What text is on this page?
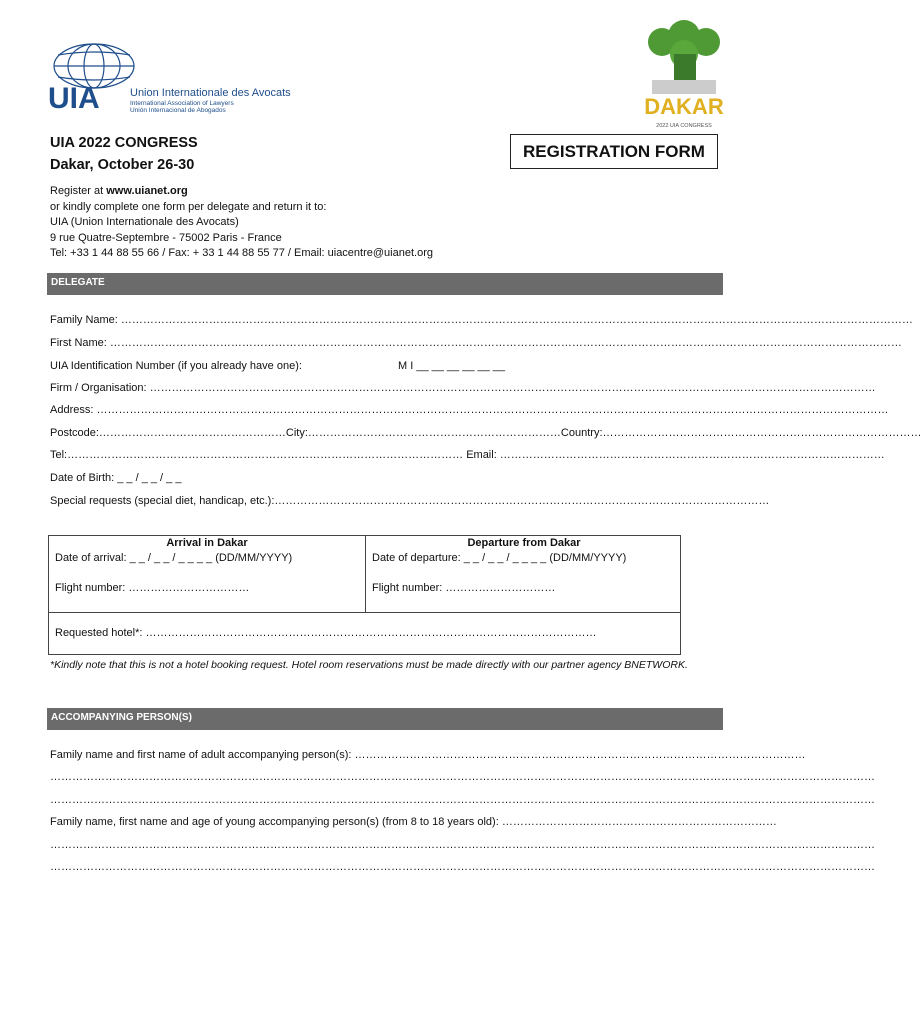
UIA	Union Internationale des Avocats
International Association of Lawyers
Unión Internacional de Abogados	DAKAR
2022 UIA CONGRESS
UIA 2022 CONGRESS
Dakar, October 26-30
REGISTRATION FORM
Register at www.uianet.org
or kindly complete one form per delegate and return it to:
UIA (Union Internationale des Avocats)
9 rue Quatre-Septembre - 75002 Paris - France
Tel: +33 1 44 88 55 66 / Fax: + 33 1 44 88 55 77 / Email: uiacentre@uianet.org
DELEGATE
Family Name: ………………………………………………………………………………………………………………………………………………………………………………………………
First Name: ………………………………………………………………………………………………………………………………………………………………………………………………
UIA Identification Number (if you already have one):	M I __ __ __ __ __ __
Firm / Organisation: ………………………………………………………………………………………………………………………………………………………………………………
Address: ………………………………………………………………………………………………………………………………………………………………………………………………
Postcode:……………………………………………City:……………………………………………………………Country:……………………………………………………………………………
Tel:……………………………………………………………………………………………… Email: ……………………………………………………………………………………………
Date of Birth: _ _ / _ _ / _ _
Special requests (special diet, handicap, etc.):………………………………………………………………………………………………………………………
Arrival in Dakar	Departure from Dakar
Date of arrival: _ _ / _ _ / _ _ _ _ (DD/MM/YYYY)	Date of departure: _ _ / _ _ / _ _ _ _ (DD/MM/YYYY)
Flight number: ……………………………	Flight number: …………………………
Requested hotel*: ……………………………………………………………………………………………………………
*Kindly note that this is not a hotel booking request. Hotel room reservations must be made directly with our partner agency BNETWORK.
ACCOMPANYING PERSON(S)
Family name and first name of adult accompanying person(s): ……………………………………………………………………………………………………………
………………………………………………………………………………………………………………………………………………………………………………………………………
………………………………………………………………………………………………………………………………………………………………………………………………………
Family name, first name and age of young accompanying person(s) (from 8 to 18 years old): …………………………………………………………………
………………………………………………………………………………………………………………………………………………………………………………………………………
………………………………………………………………………………………………………………………………………………………………………………………………………
